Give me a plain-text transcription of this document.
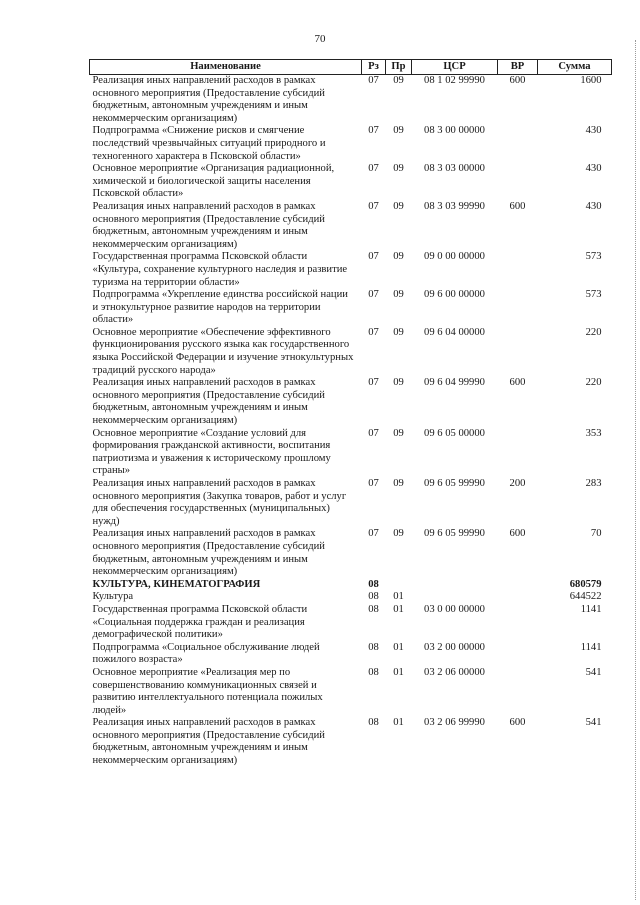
70
Наименование	Рз	Пр	ЦСР	ВР	Сумма
Реализация иных направлений расходов в рамках основного мероприятия (Предоставление субсидий бюджетным, автономным учреждениям и иным некоммерческим организациям)	07	09	08 1 02 99990	600	1600
Подпрограмма «Снижение рисков и смягчение последствий чрезвычайных ситуаций природного и техногенного характера в Псковской области»	07	09	08 3 00 00000		430
Основное мероприятие «Организация радиационной, химической и биологической защиты населения Псковской области»	07	09	08 3 03 00000		430
Реализация иных направлений расходов в рамках основного мероприятия (Предоставление субсидий бюджетным, автономным учреждениям и иным некоммерческим организациям)	07	09	08 3 03 99990	600	430
Государственная программа Псковской области «Культура, сохранение культурного наследия и развитие туризма на территории области»	07	09	09 0 00 00000		573
Подпрограмма «Укрепление единства российской нации и этнокультурное развитие народов на территории области»	07	09	09 6 00 00000		573
Основное мероприятие «Обеспечение эффективного функционирования русского языка как государственного языка Российской Федерации и изучение этнокультурных традиций русского народа»	07	09	09 6 04 00000		220
Реализация иных направлений расходов в рамках основного мероприятия (Предоставление субсидий бюджетным, автономным учреждениям и иным некоммерческим организациям)	07	09	09 6 04 99990	600	220
Основное мероприятие «Создание условий для формирования гражданской активности, воспитания патриотизма и уважения к историческому прошлому страны»	07	09	09 6 05 00000		353
Реализация иных направлений расходов в рамках основного мероприятия (Закупка товаров, работ и услуг для обеспечения государственных (муниципальных) нужд)	07	09	09 6 05 99990	200	283
Реализация иных направлений расходов в рамках основного мероприятия (Предоставление субсидий бюджетным, автономным учреждениям и иным некоммерческим организациям)	07	09	09 6 05 99990	600	70
КУЛЬТУРА, КИНЕМАТОГРАФИЯ	08				680579
Культура	08	01			644522
Государственная программа Псковской области «Социальная поддержка граждан и реализация демографической политики»	08	01	03 0 00 00000		1141
Подпрограмма «Социальное обслуживание людей пожилого возраста»	08	01	03 2 00 00000		1141
Основное мероприятие «Реализация мер по совершенствованию коммуникационных связей и развитию интеллектуального потенциала пожилых людей»	08	01	03 2 06 00000		541
Реализация иных направлений расходов в рамках основного мероприятия (Предоставление субсидий бюджетным, автономным учреждениям и иным некоммерческим организациям)	08	01	03 2 06 99990	600	541
